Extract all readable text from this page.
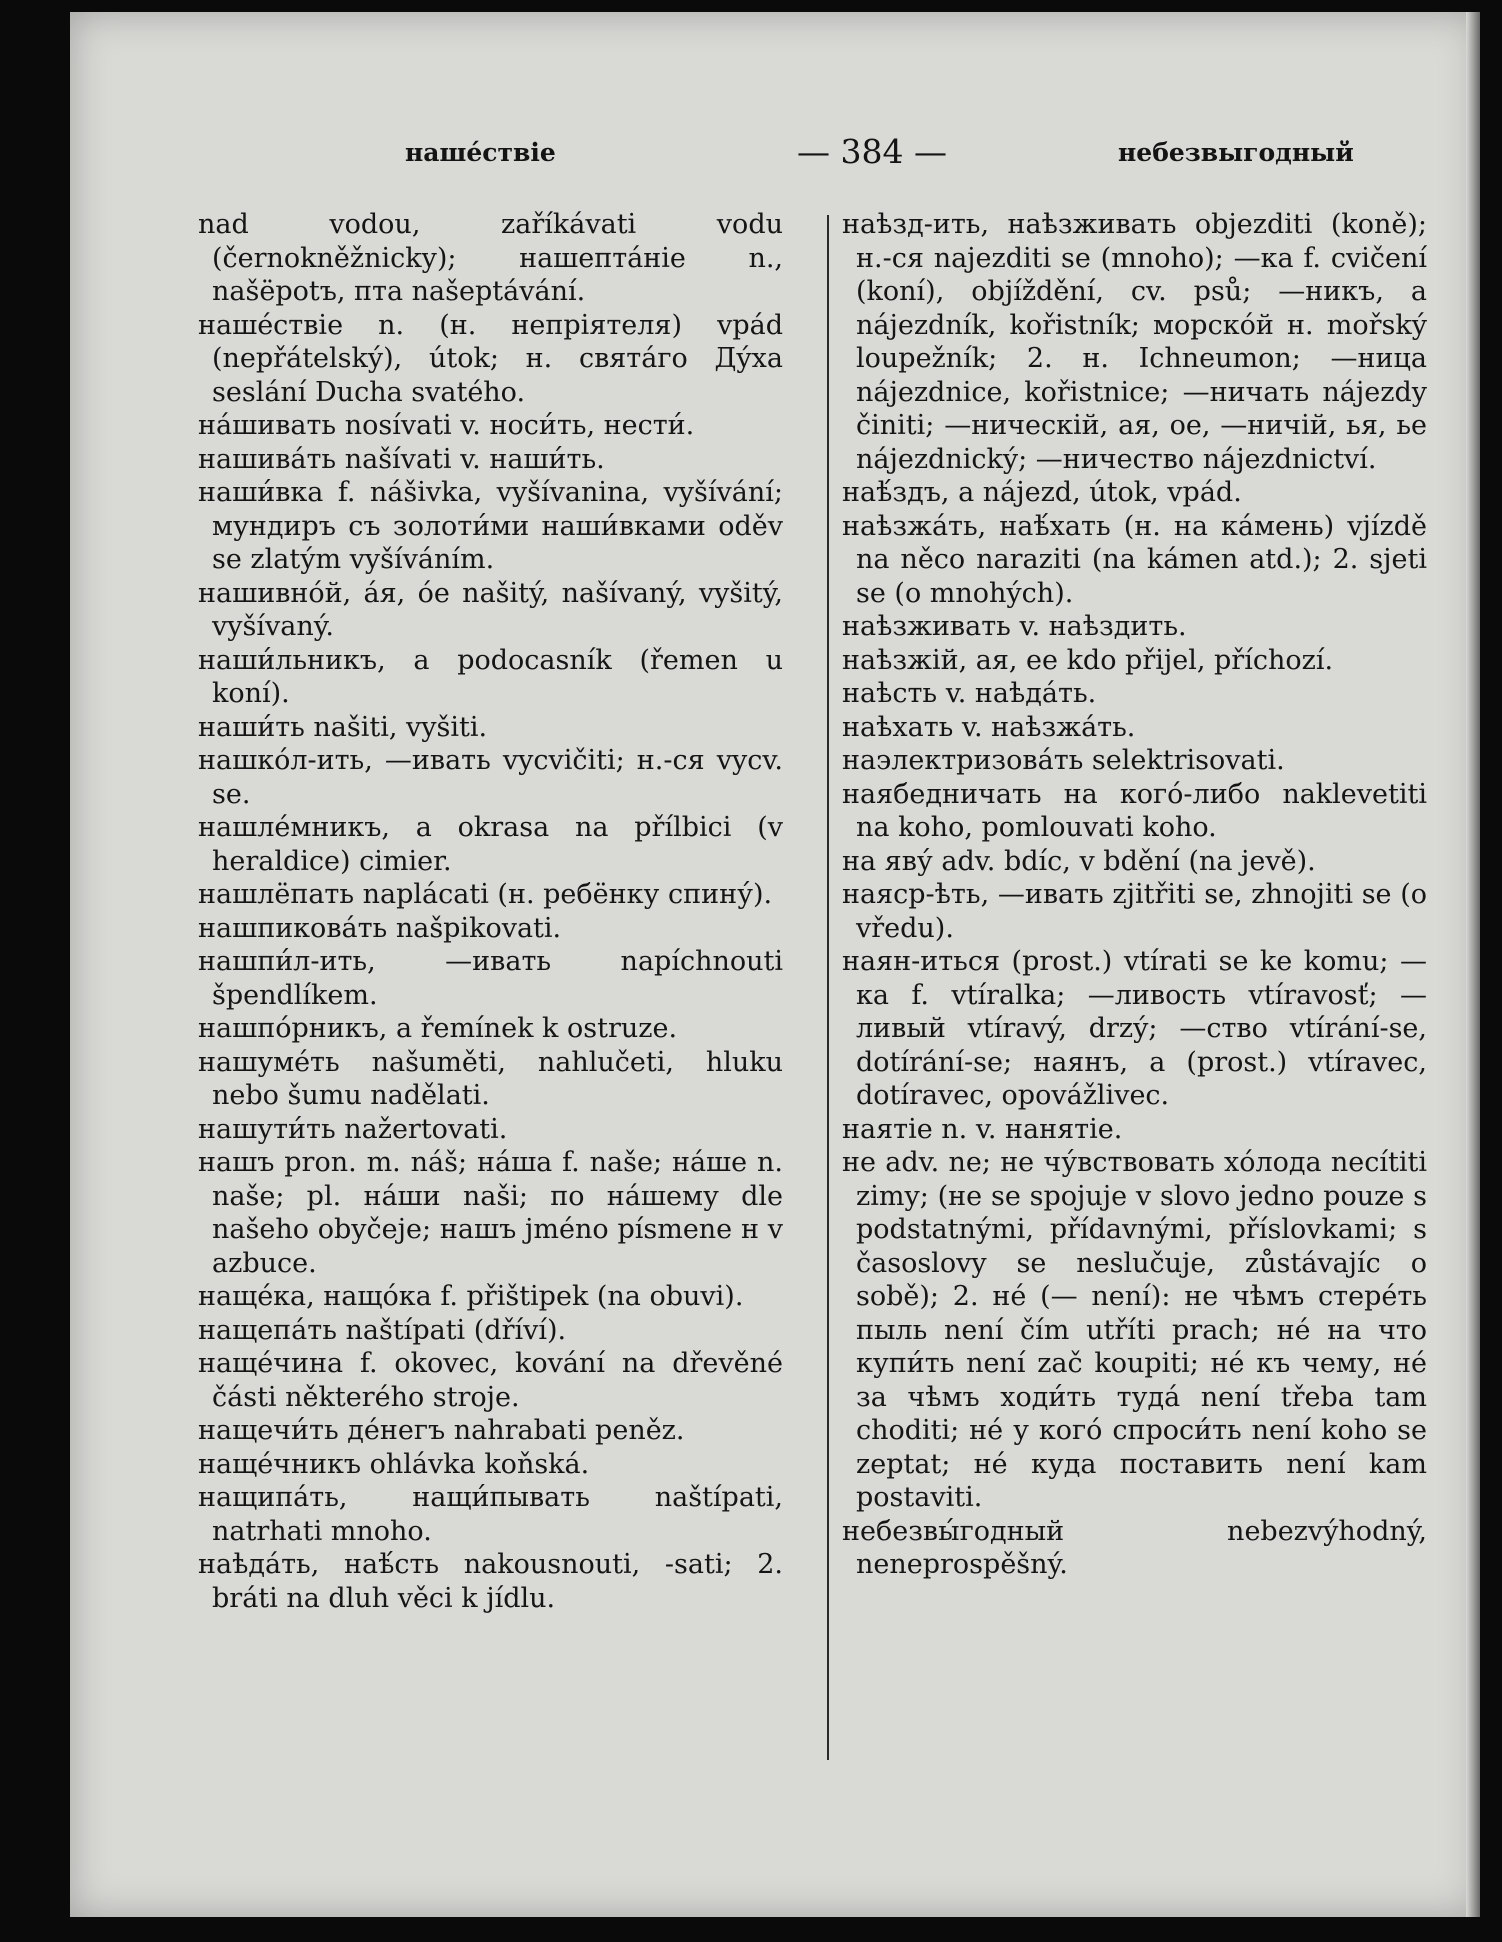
нашéствіе	— 384 —	небезвыгодный

nad vodou, zaříkávati vodu (černokněžnicky); нашептáніе n., našëpotъ, пта našeptávání.

нашéствіе n. (н. непріятеля) vpád (nepřátelský), útok; н. святáго Дýха seslání Ducha svatého.

нáшивать nosívati v. носи́ть, нести́.

нашивáть našívati v. наши́ть.

наши́вка f. nášivka, vyšívanina, vyšívání; мундиръ съ золоти́ми наши́вками oděv se zlatým vyšíváním.

нашивнóй, áя, óе našitý, našívaný, vyšitý, vyšívaný.

наши́льникъ, a podocasník (řemen u koní).

наши́ть našiti, vyšiti.

нашкóл-ить, —ивать vycvičiti; н.-ся vycv. se.

нашлéмникъ, a okrasa na přílbici (v heraldice) cimier.

нашлёпать naplácati (н. ребёнку спину́).

нашпиковáть našpikovati.

нашпи́л-ить, —ивать napíchnouti špendlíkem.

нашпóрникъ, a řemínek k ostruze.

нашумéть našuměti, nahlučeti, hluku nebo šumu nadělati.

нашути́ть nažertovati.

нашъ pron. m. náš; нáша f. naše; нáше n. naše; pl. нáши naši; по нáшему dle našeho obyčeje; нашъ jméno písmene н v azbuce.

нащéка, нащóка f. přištipek (na obuvi).

нащепáть naštípati (dříví).

нащéчина f. okovec, kování na dřevěné části některého stroje.

нащечи́ть дéнегъ nahrabati peněz.

нащéчникъ ohlávka koňská.

нащипáть, нащи́пывать naštípati, natrhati mnoho.

наѣдáть, наѣ́сть nakousnouti, -sati; 2. bráti na dluh věci k jídlu.

наѣзд-ить, наѣзживать objezditi (koně); н.-ся najezditi se (mnoho); —ка f. cvičení (koní), objíždění, cv. psů; —никъ, a nájezdník, kořistník; морскóй н. mořský loupežník; 2. н. Ichneumon; —ница nájezdnice, kořistnice; —ничать nájezdy činiti; —ническій, ая, ое, —ничій, ья, ье nájezdnický; —ничество nájezdnictví.

наѣ́здъ, a nájezd, útok, vpád.

наѣзжáть, наѣ́хать (н. на кáмень) vjízdě na něco naraziti (na kámen atd.); 2. sjeti se (o mnohých).

наѣзживать v. наѣздить.

наѣзжій, ая, ее kdo přijel, příchozí.

наѣсть v. наѣдáть.

наѣхать v. наѣзжáть.

наэлектризовáть selektrisovati.

наябедничать на когó-либо naklevetiti na koho, pomlouvati koho.

на яву́ adv. bdíc, v bdění (na jevě).

наяср-ѣть, —ивать zjitřiti se, zhnojiti se (o vředu).

наян-иться (prost.) vtírati se ke komu; —ка f. vtíralka; —ливость vtíravosť; —ливый vtíravý, drzý; —ство vtírání-se, dotírání-se; наянъ, a (prost.) vtíravec, dotíravec, opovážlivec.

наятіе n. v. нанятіе.

не adv. ne; не чу́вствовать хóлода necítiti zimy; (не se spojuje v slovo jedno pouze s podstatnými, přídavnými, příslovkami; s časoslovy se neslučuje, zůstávajíc o sobě); 2. нé (— není): не чѣмъ стерéть пыль není čím utříti prach; нé на что купи́ть není zač koupiti; нé къ чему, нé за чѣмъ ходи́ть тудá není třeba tam choditi; нé у когó спроси́ть není koho se zeptat; нé куда поставить není kam postaviti.

небезвы́годный nebezvýhodný, neneprospěšný.
